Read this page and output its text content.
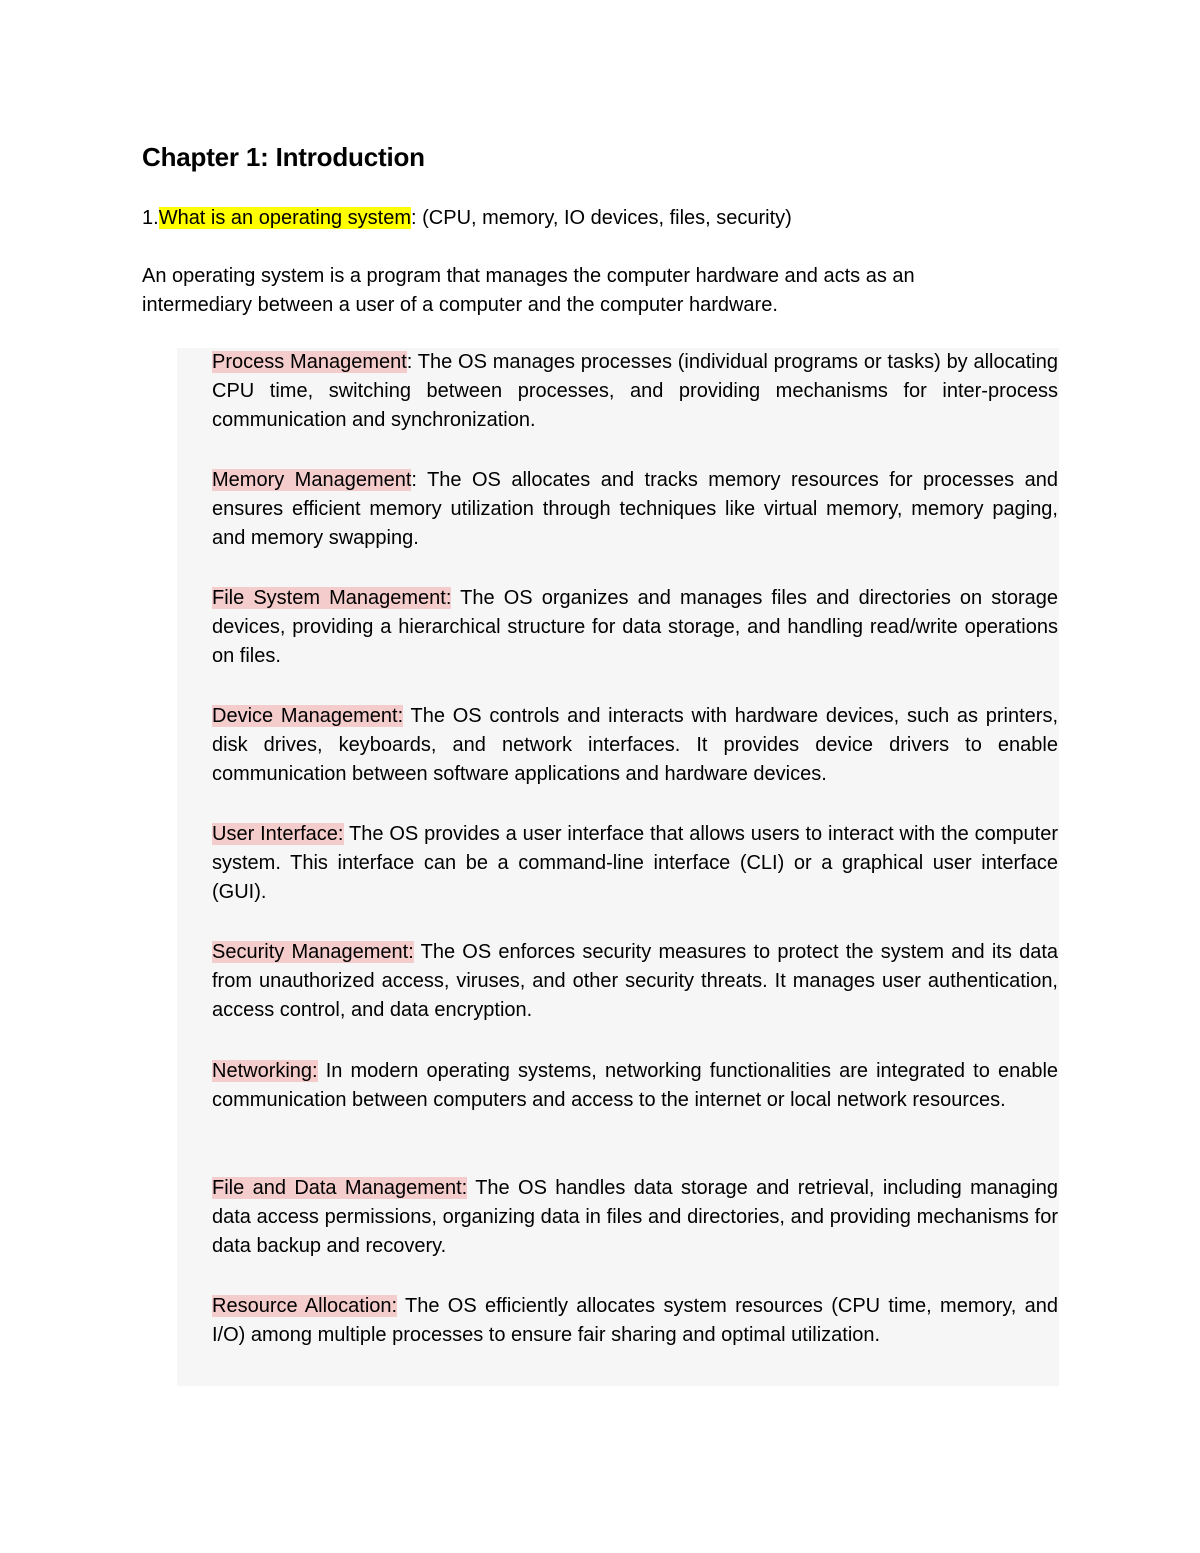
Chapter 1: Introduction

1.What is an operating system: (CPU, memory, IO devices, files, security)

An operating system is a program that manages the computer hardware and acts as an intermediary between a user of a computer and the computer hardware.

Process Management: The OS manages processes (individual programs or tasks) by allocating CPU time, switching between processes, and providing mechanisms for inter-process communication and synchronization.

Memory Management: The OS allocates and tracks memory resources for processes and ensures efficient memory utilization through techniques like virtual memory, memory paging, and memory swapping.

File System Management: The OS organizes and manages files and directories on storage devices, providing a hierarchical structure for data storage, and handling read/write operations on files.

Device Management: The OS controls and interacts with hardware devices, such as printers, disk drives, keyboards, and network interfaces. It provides device drivers to enable communication between software applications and hardware devices.

User Interface: The OS provides a user interface that allows users to interact with the computer system. This interface can be a command-line interface (CLI) or a graphical user interface (GUI).

Security Management: The OS enforces security measures to protect the system and its data from unauthorized access, viruses, and other security threats. It manages user authentication, access control, and data encryption.

Networking: In modern operating systems, networking functionalities are integrated to enable communication between computers and access to the internet or local network resources.

File and Data Management: The OS handles data storage and retrieval, including managing data access permissions, organizing data in files and directories, and providing mechanisms for data backup and recovery.

Resource Allocation: The OS efficiently allocates system resources (CPU time, memory, and I/O) among multiple processes to ensure fair sharing and optimal utilization.
